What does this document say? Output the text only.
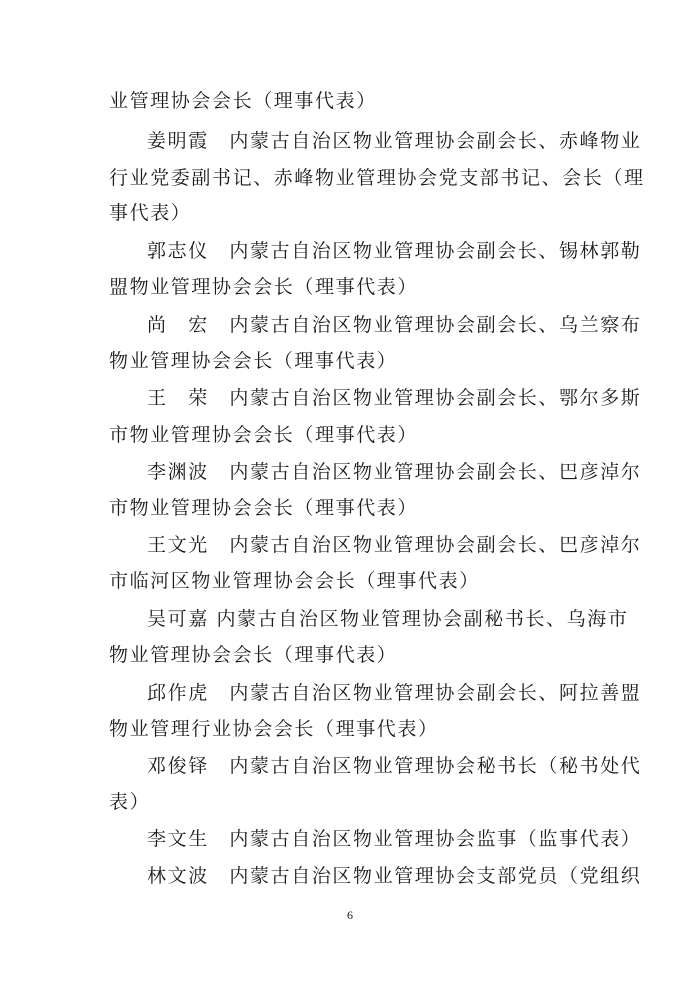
业管理协会会长（理事代表）
姜明霞　内蒙古自治区物业管理协会副会长、赤峰物业
行业党委副书记、赤峰物业管理协会党支部书记、会长（理
事代表）
郭志仪　内蒙古自治区物业管理协会副会长、锡林郭勒
盟物业管理协会会长（理事代表）
尚　宏　内蒙古自治区物业管理协会副会长、乌兰察布
物业管理协会会长（理事代表）
王　荣　内蒙古自治区物业管理协会副会长、鄂尔多斯
市物业管理协会会长（理事代表）
李渊波　内蒙古自治区物业管理协会副会长、巴彦淖尔
市物业管理协会会长（理事代表）
王文光　内蒙古自治区物业管理协会副会长、巴彦淖尔
市临河区物业管理协会会长（理事代表）
吴可嘉 内蒙古自治区物业管理协会副秘书长、乌海市
物业管理协会会长（理事代表）
邱作虎　内蒙古自治区物业管理协会副会长、阿拉善盟
物业管理行业协会会长（理事代表）
邓俊铎　内蒙古自治区物业管理协会秘书长（秘书处代
表）
李文生　内蒙古自治区物业管理协会监事（监事代表）
林文波　内蒙古自治区物业管理协会支部党员（党组织
6
